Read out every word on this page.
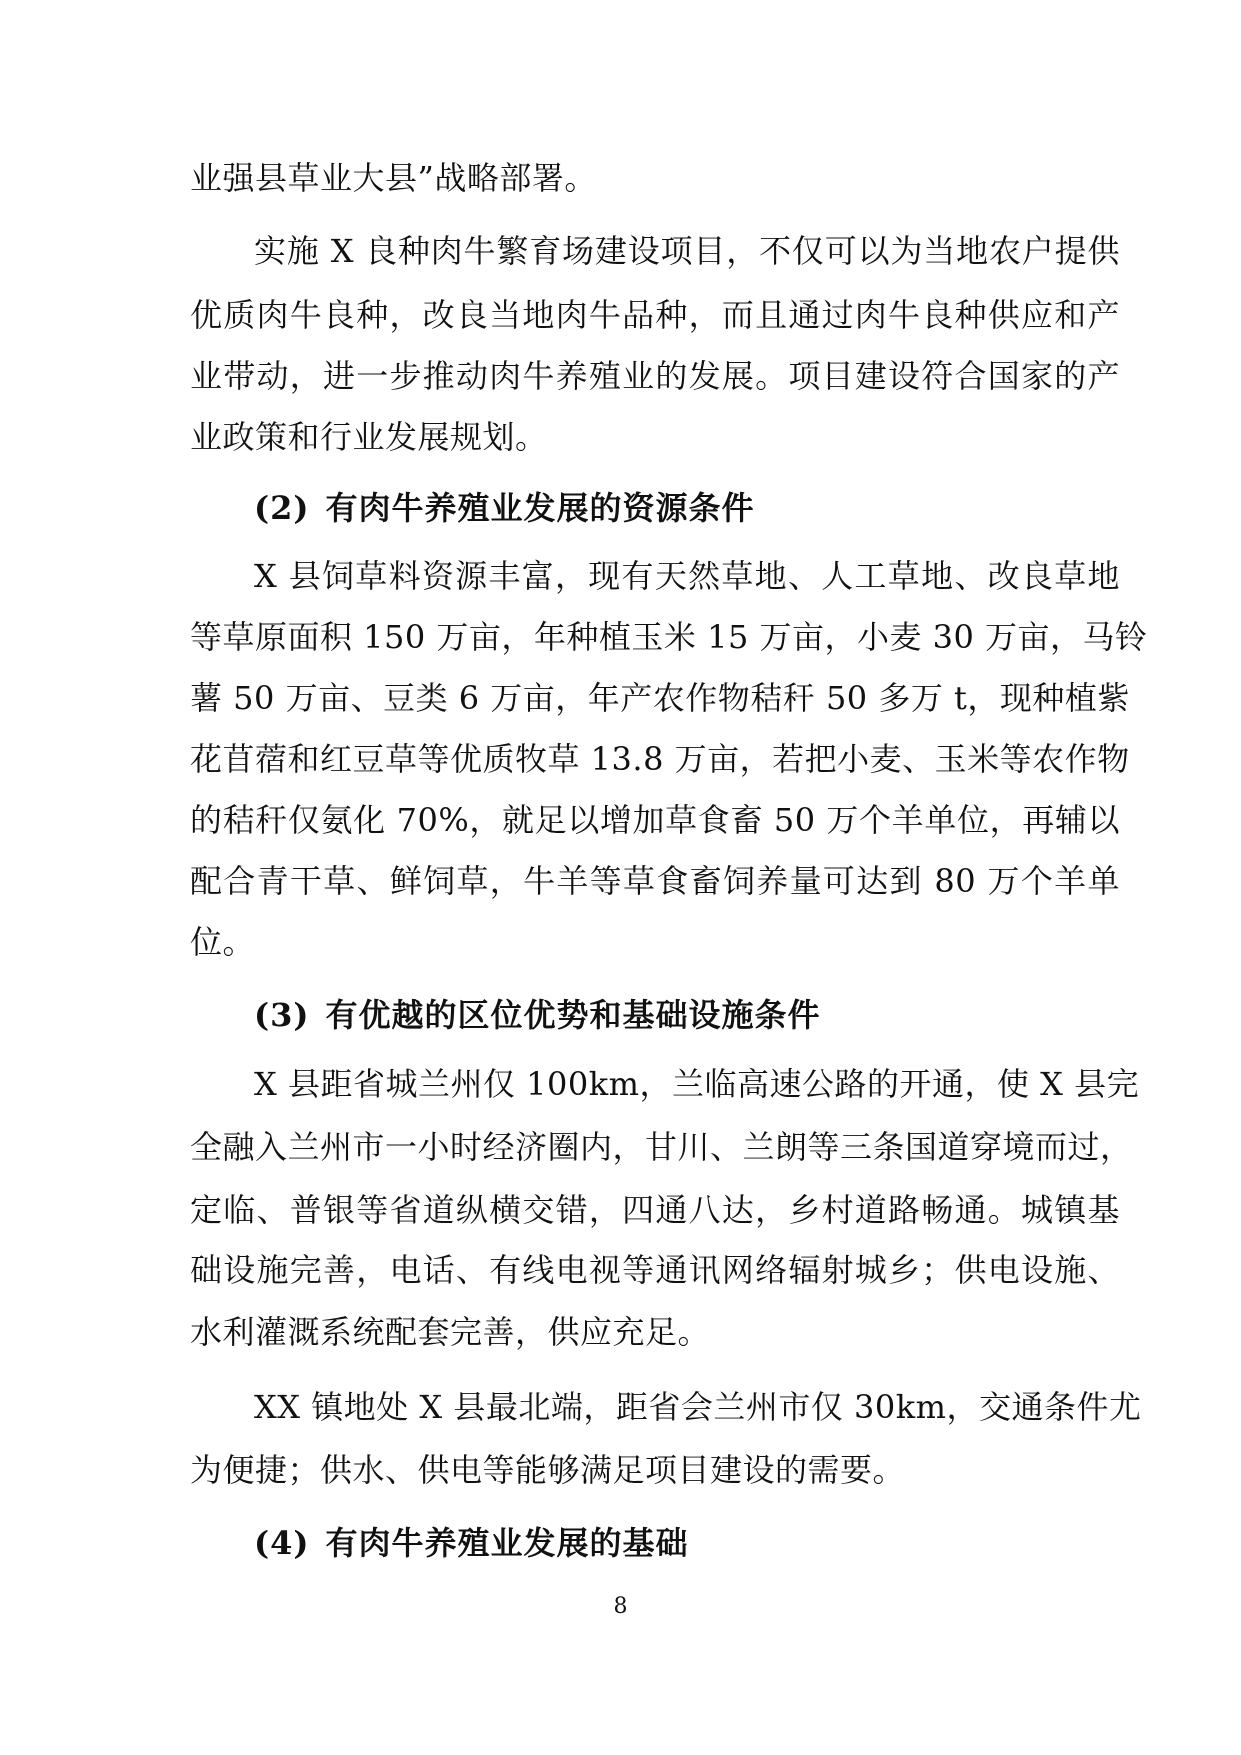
业强县草业大县”战略部署。
实施 X 良种肉牛繁育场建设项目，不仅可以为当地农户提供
优质肉牛良种，改良当地肉牛品种，而且通过肉牛良种供应和产
业带动，进一步推动肉牛养殖业的发展。项目建设符合国家的产
业政策和行业发展规划。
(2) 有肉牛养殖业发展的资源条件
X 县饲草料资源丰富，现有天然草地、人工草地、改良草地
等草原面积 150 万亩，年种植玉米 15 万亩，小麦 30 万亩，马铃
薯 50 万亩、豆类 6 万亩，年产农作物秸秆 50 多万 t，现种植紫
花苜蓿和红豆草等优质牧草 13.8 万亩，若把小麦、玉米等农作物
的秸秆仅氨化 70%，就足以增加草食畜 50 万个羊单位，再辅以
配合青干草、鲜饲草，牛羊等草食畜饲养量可达到 80 万个羊单
位。
(3) 有优越的区位优势和基础设施条件
X 县距省城兰州仅 100km，兰临高速公路的开通，使 X 县完
全融入兰州市一小时经济圈内，甘川、兰朗等三条国道穿境而过，
定临、普银等省道纵横交错，四通八达，乡村道路畅通。城镇基
础设施完善，电话、有线电视等通讯网络辐射城乡；供电设施、
水利灌溉系统配套完善，供应充足。
XX 镇地处 X 县最北端，距省会兰州市仅 30km，交通条件尤
为便捷；供水、供电等能够满足项目建设的需要。
(4) 有肉牛养殖业发展的基础
8
